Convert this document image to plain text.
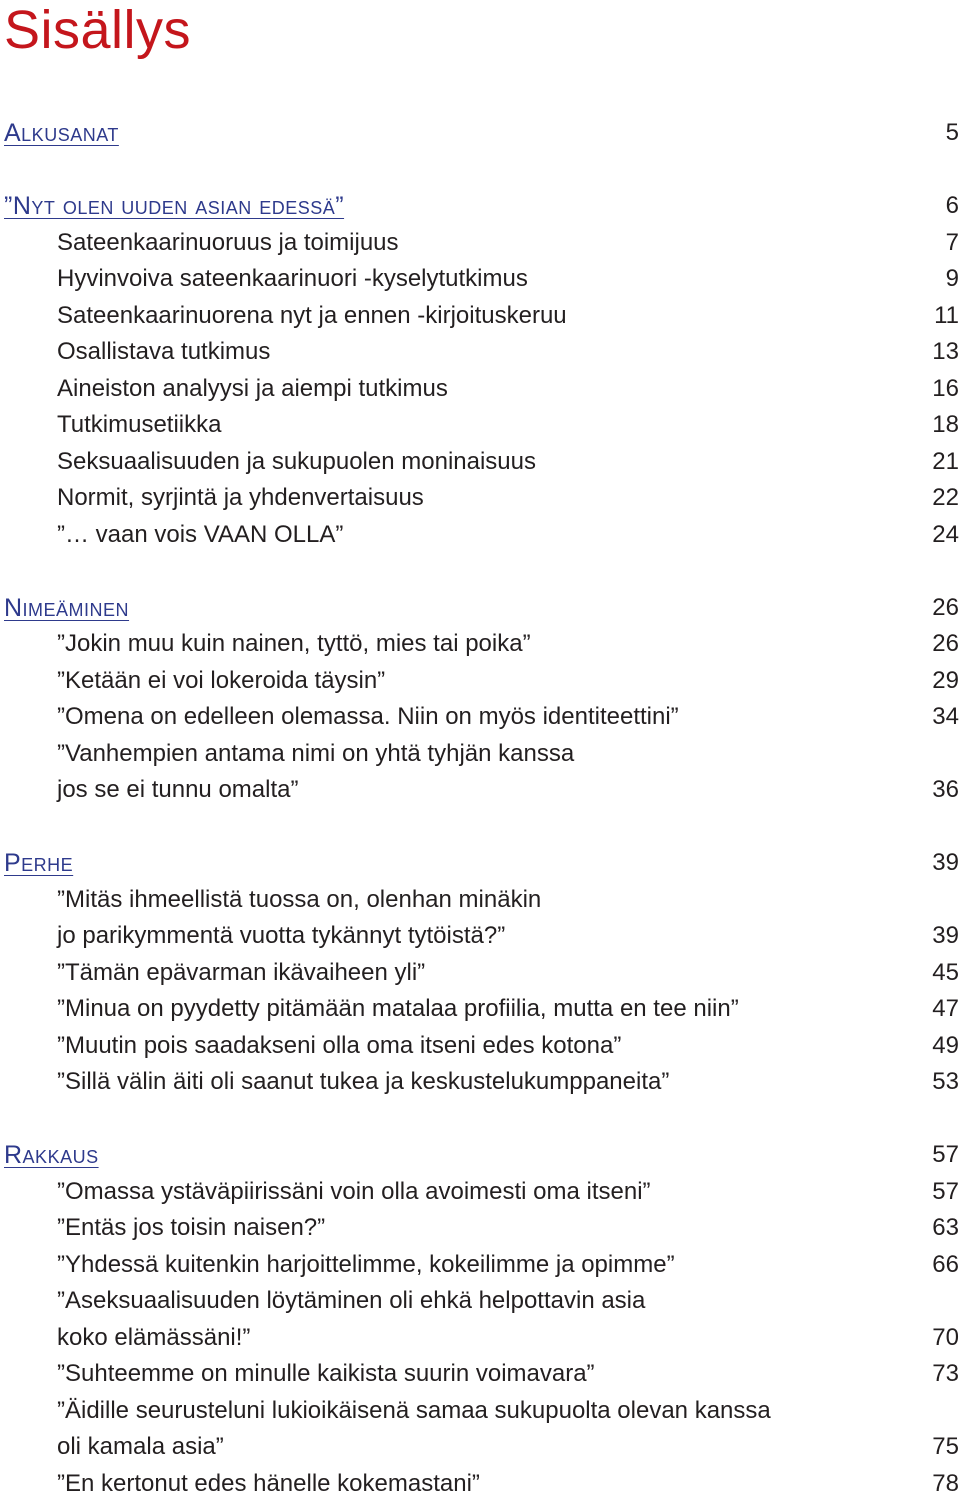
Sisällys
Alkusanat	5
”Nyt olen uuden asian edessä”	6
Sateenkaarinuoruus ja toimijuus	7
Hyvinvoiva sateenkaarinuori -kyselytutkimus	9
Sateenkaarinuorena nyt ja ennen -kirjoituskeruu	11
Osallistava tutkimus	13
Aineiston analyysi ja aiempi tutkimus	16
Tutkimusetiikka	18
Seksuaalisuuden ja sukupuolen moninaisuus	21
Normit, syrjintä ja yhdenvertaisuus	22
”… vaan vois VAAN OLLA”	24
Nimeäminen	26
”Jokin muu kuin nainen, tyttö, mies tai poika”	26
”Ketään ei voi lokeroida täysin”	29
”Omena on edelleen olemassa. Niin on myös identiteettini”	34
”Vanhempien antama nimi on yhtä tyhjän kanssa
jos se ei tunnu omalta”	36
Perhe	39
”Mitäs ihmeellistä tuossa on, olenhan minäkin
jo parikymmentä vuotta tykännyt tytöistä?”	39
”Tämän epävarman ikävaiheen yli”	45
”Minua on pyydetty pitämään matalaa profiilia, mutta en tee niin”	47
”Muutin pois saadakseni olla oma itseni edes kotona”	49
”Sillä välin äiti oli saanut tukea ja keskustelukumppaneita”	53
Rakkaus	57
”Omassa ystäväpiirissäni voin olla avoimesti oma itseni”	57
”Entäs jos toisin naisen?”	63
”Yhdessä kuitenkin harjoittelimme, kokeilimme ja opimme”	66
”Aseksuaalisuuden löytäminen oli ehkä helpottavin asia
koko elämässäni!”	70
”Suhteemme on minulle kaikista suurin voimavara”	73
”Äidille seurusteluni lukioikäisenä samaa sukupuolta olevan kanssa
oli kamala asia”	75
”En kertonut edes hänelle kokemastani”	78
